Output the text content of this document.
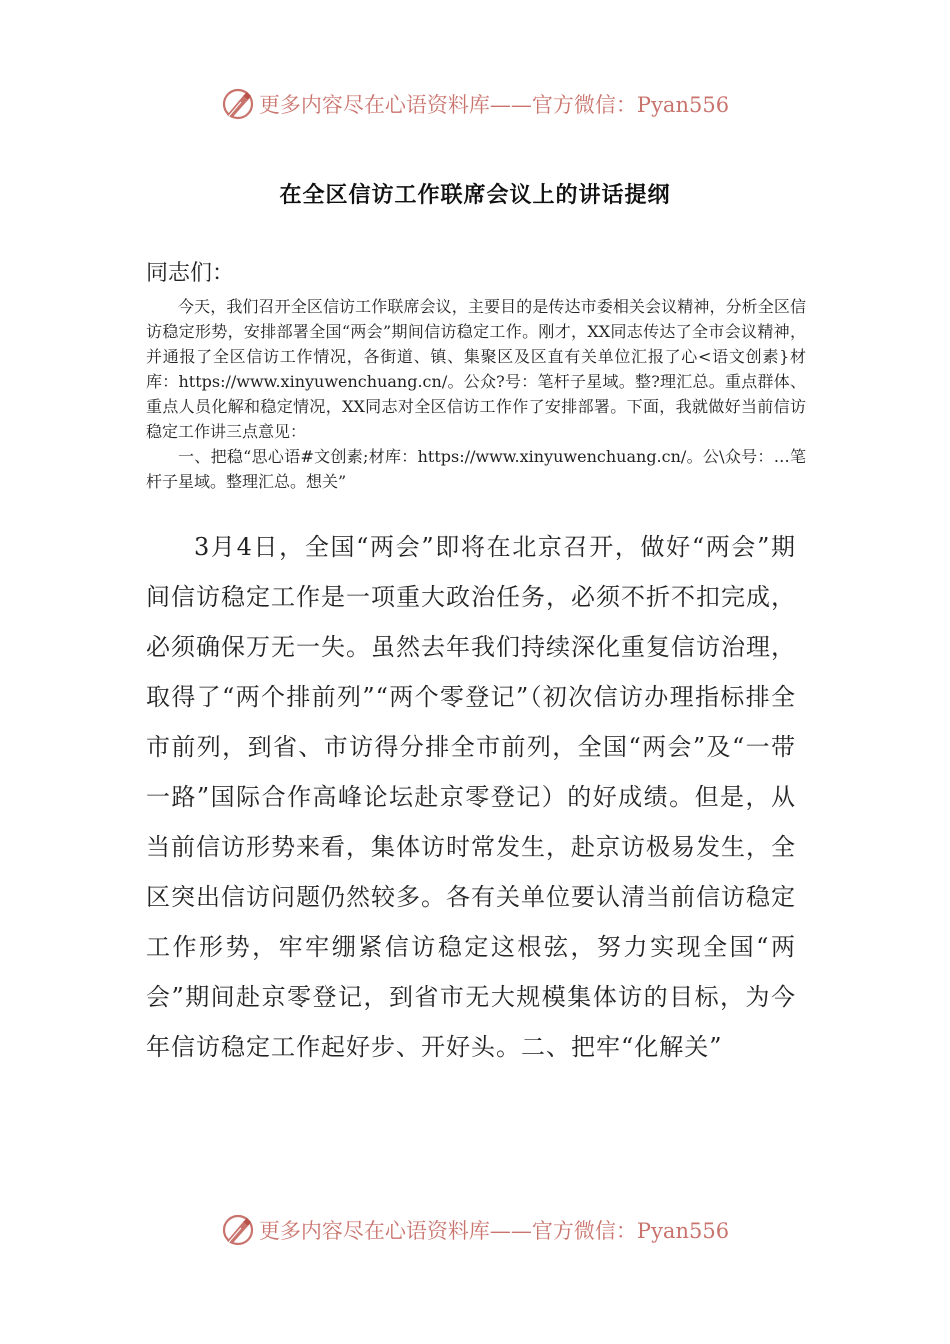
更多内容尽在心语资料库——官方微信：Pyan556
在全区信访工作联席会议上的讲话提纲
同志们：

今天，我们召开全区信访工作联席会议，主要目的是传达市委相关会议精神，分析全区信访稳定形势，安排部署全国“两会”期间信访稳定工作。刚才，XX同志传达了全市会议精神，并通报了全区信访工作情况，各街道、镇、集聚区及区直有关单位汇报了心<语文创素}材库：https://www.xinyuwenchuang.cn/。公众?号：笔杆子星域。整?理汇总。重点群体、重点人员化解和稳定情况，XX同志对全区信访工作作了安排部署。下面，我就做好当前信访稳定工作讲三点意见：

一、把稳“思心语#文创素;材库：https://www.xinyuwenchuang.cn/。公\众号：…笔杆子星域。整理汇总。想关”

3月4日，全国“两会”即将在北京召开，做好“两会”期间信访稳定工作是一项重大政治任务，必须不折不扣完成，必须确保万无一失。虽然去年我们持续深化重复信访治理，取得了“两个排前列”“两个零登记”（初次信访办理指标排全市前列，到省、市访得分排全市前列，全国“两会”及“一带一路”国际合作高峰论坛赴京零登记）的好成绩。但是，从当前信访形势来看，集体访时常发生，赴京访极易发生，全区突出信访问题仍然较多。各有关单位要认清当前信访稳定工作形势，牢牢绷紧信访稳定这根弦，努力实现全国“两会”期间赴京零登记，到省市无大规模集体访的目标，为今年信访稳定工作起好步、开好头。二、把牢“化解关”

更多内容尽在心语资料库——官方微信：Pyan556
